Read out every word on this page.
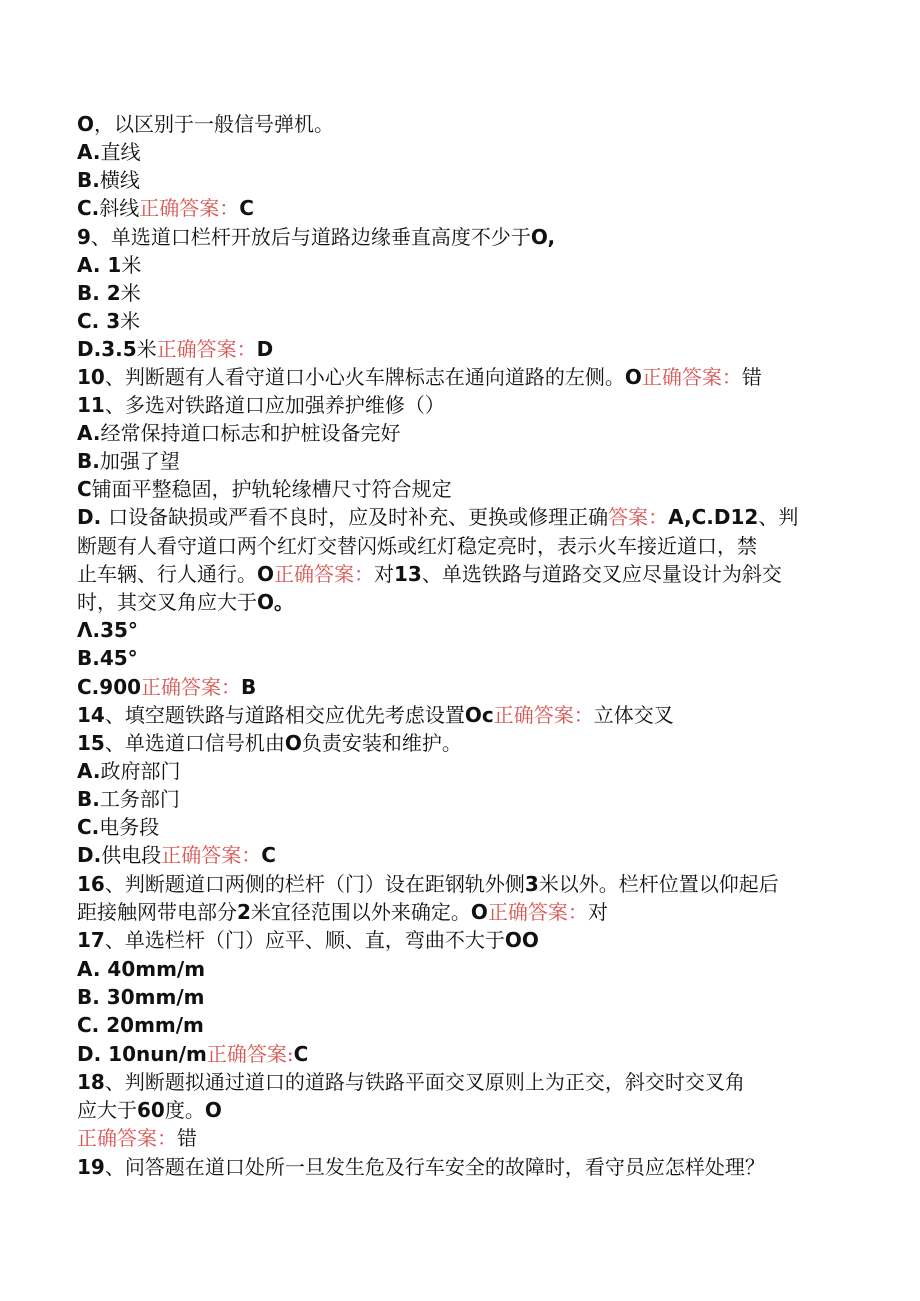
O，以区别于一般信号弹机。
A.直线
B.横线
C.斜线正确答案：C
9、单选道口栏杆开放后与道路边缘垂直高度不少于O,
A. 1米
B. 2米
C. 3米
D.3.5米正确答案：D
10、判断题有人看守道口小心火车牌标志在通向道路的左侧。O正确答案：错
11、多选对铁路道口应加强养护维修（）
A.经常保持道口标志和护桩设备完好
B.加强了望
C铺面平整稳固，护轨轮缘槽尺寸符合规定
D. 口设备缺损或严看不良时，应及时补充、更换或修理正确答案：A,C.D12、判
断题有人看守道口两个红灯交替闪烁或红灯稳定亮时，表示火车接近道口，禁
止车辆、行人通行。O正确答案：对13、单选铁路与道路交叉应尽量设计为斜交
时，其交叉角应大于O。
Λ.35°
B.45°
C.900正确答案：B
14、填空题铁路与道路相交应优先考虑设置Oc正确答案：立体交叉
15、单选道口信号机由O负责安装和维护。
A.政府部门
B.工务部门
C.电务段
D.供电段正确答案：C
16、判断题道口两侧的栏杆（门）设在距钢轨外侧3米以外。栏杆位置以仰起后
距接触网带电部分2米宜径范围以外来确定。O正确答案：对
17、单选栏杆（门）应平、顺、直，弯曲不大于OO
A. 40mm/m
B. 30mm/m
C. 20mm/m
D. 10nun/m正确答案:C
18、判断题拟通过道口的道路与铁路平面交叉原则上为正交，斜交时交叉角
应大于60度。O
正确答案：错
19、问答题在道口处所一旦发生危及行车安全的故障时，看守员应怎样处理？
